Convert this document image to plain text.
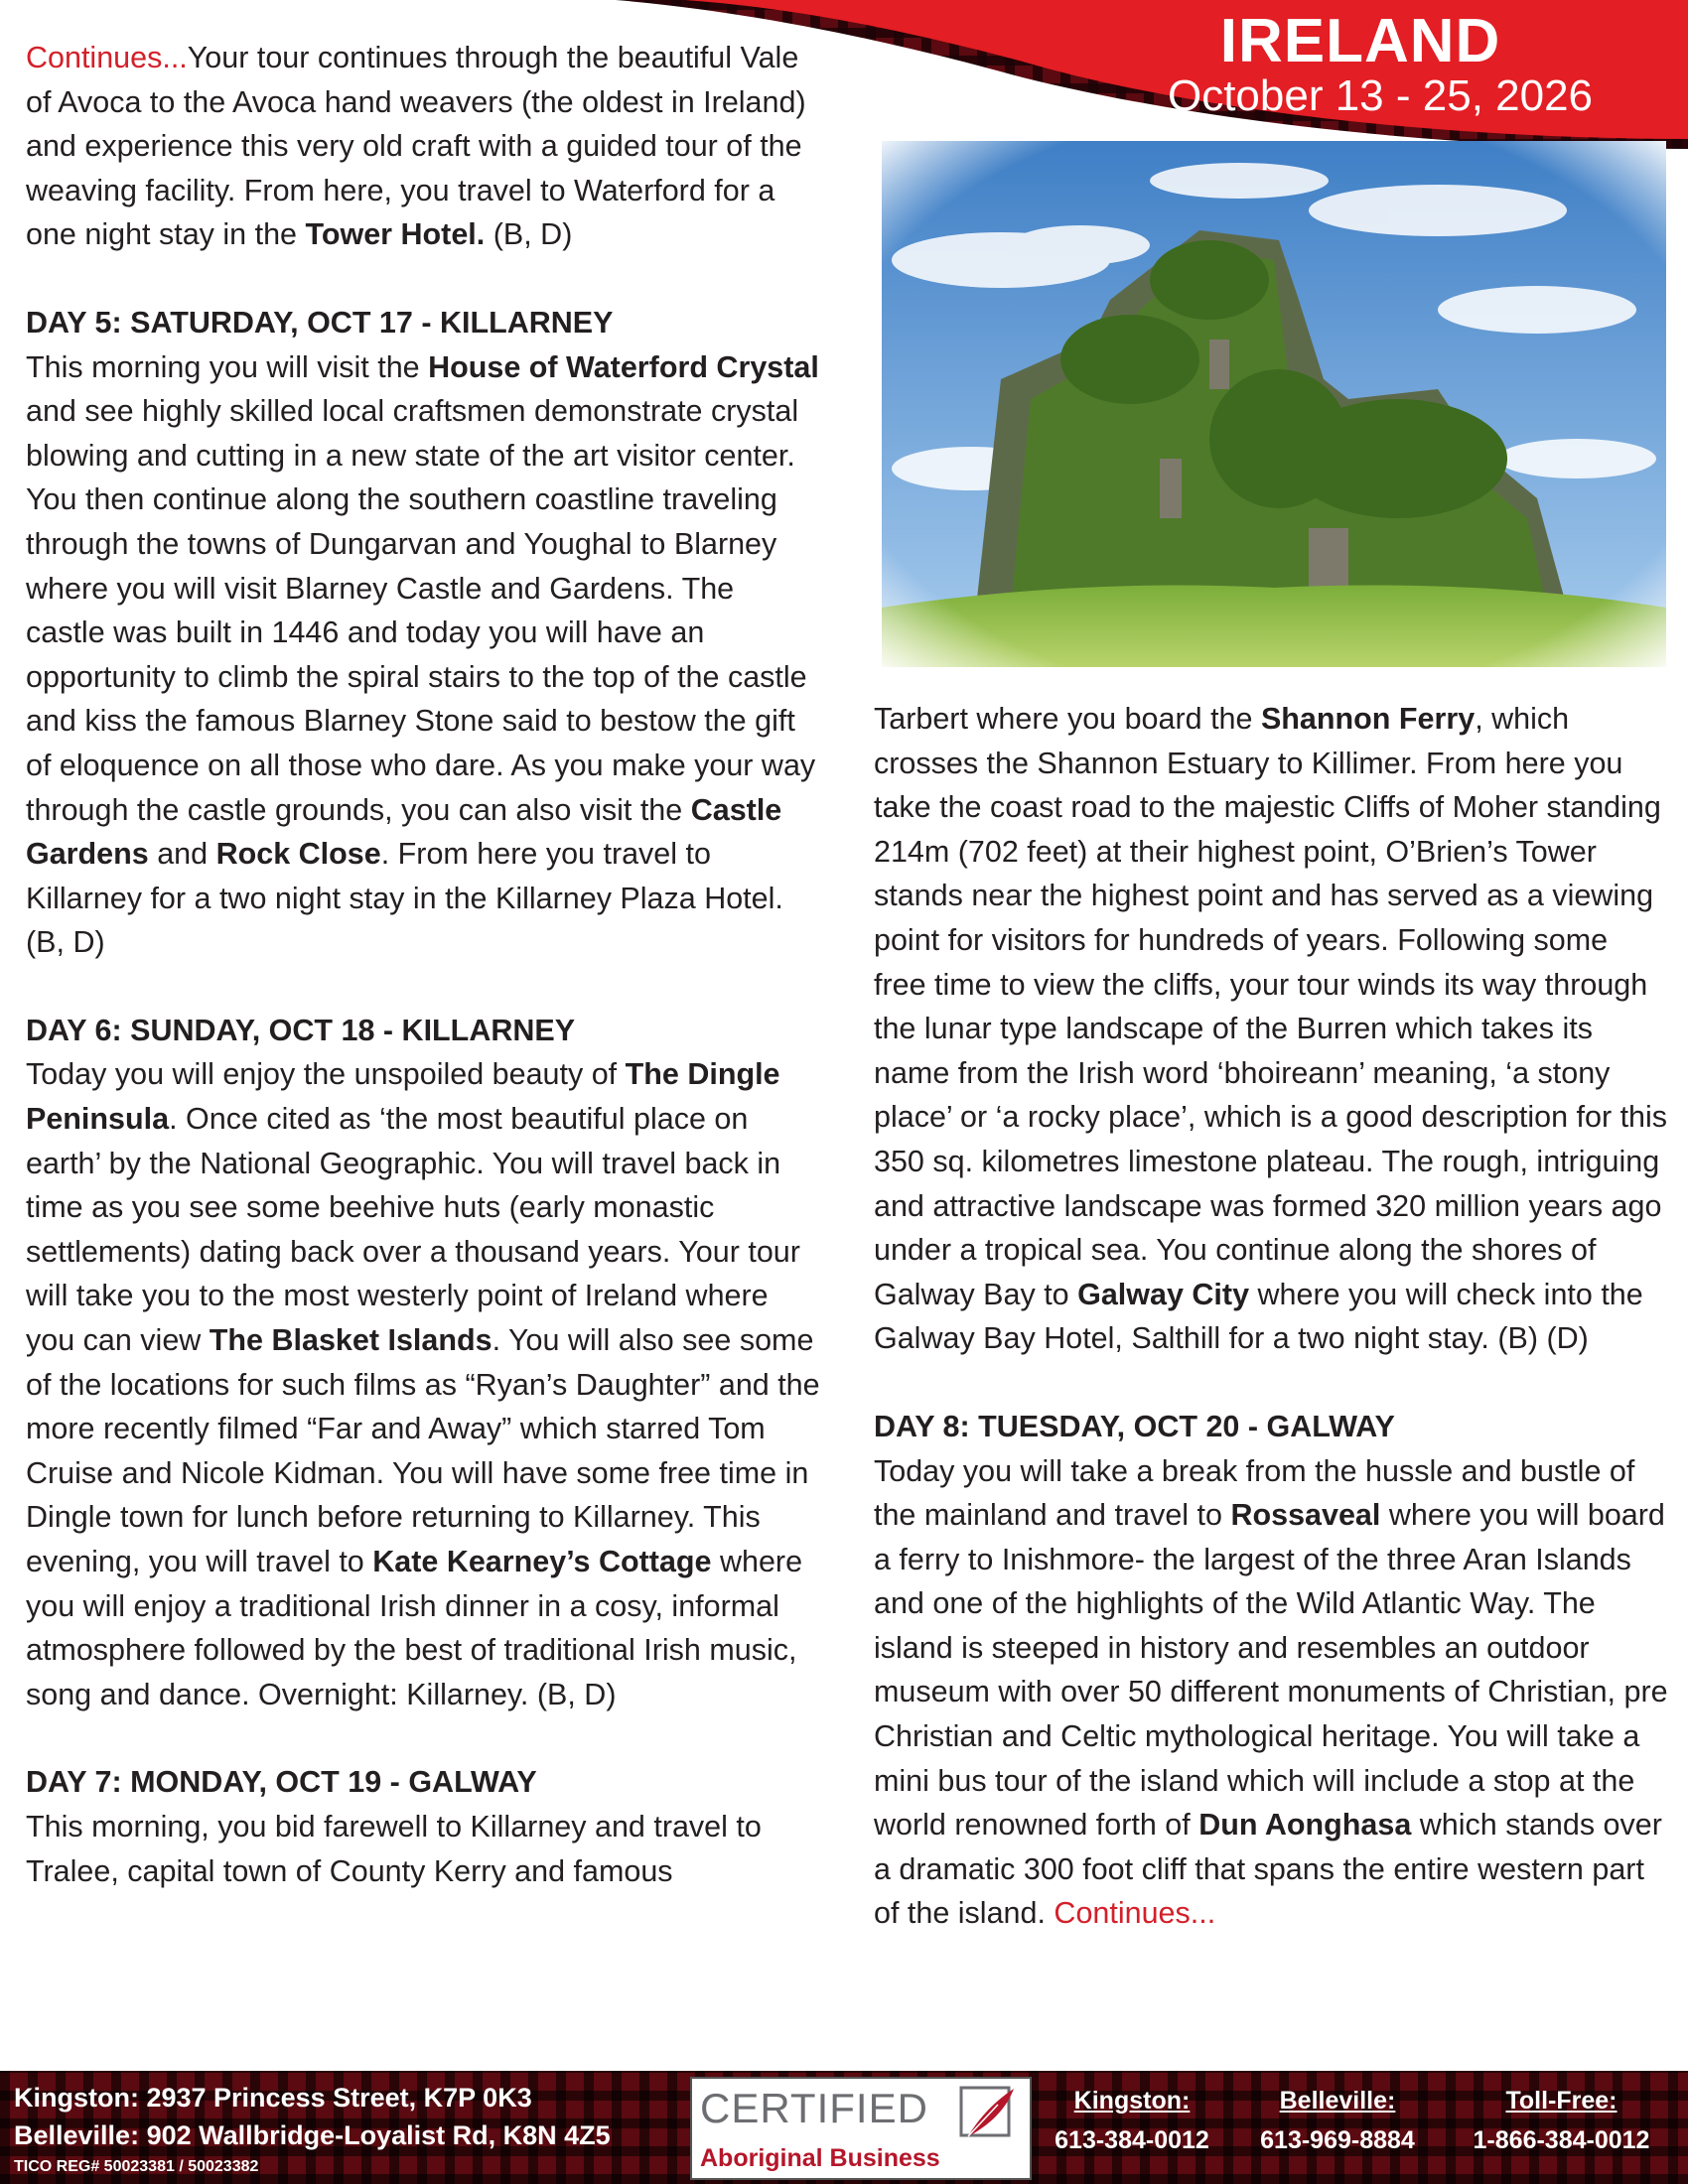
IRELAND
October 13 - 25, 2026

Continues...Your tour continues through the beautiful Vale of Avoca to the Avoca hand weavers (the oldest in Ireland) and experience this very old craft with a guided tour of the weaving facility. From here, you travel to Waterford for a one night stay in the Tower Hotel. (B, D)

DAY 5: SATURDAY, OCT 17 - KILLARNEY

This morning you will visit the House of Waterford Crystal and see highly skilled local craftsmen demonstrate crystal blowing and cutting in a new state of the art visitor center. You then continue along the southern coastline traveling through the towns of Dungarvan and Youghal to Blarney where you will visit Blarney Castle and Gardens. The castle was built in 1446 and today you will have an opportunity to climb the spiral stairs to the top of the castle and kiss the famous Blarney Stone said to bestow the gift of eloquence on all those who dare. As you make your way through the castle grounds, you can also visit the Castle Gardens and Rock Close. From here you travel to Killarney for a two night stay in the Killarney Plaza Hotel. (B, D)

DAY 6: SUNDAY, OCT 18 - KILLARNEY

Today you will enjoy the unspoiled beauty of The Dingle Peninsula. Once cited as ‘the most beautiful place on earth’ by the National Geographic. You will travel back in time as you see some beehive huts (early monastic settlements) dating back over a thousand years. Your tour will take you to the most westerly point of Ireland where you can view The Blasket Islands. You will also see some of the locations for such films as “Ryan’s Daughter” and the more recently filmed “Far and Away” which starred Tom Cruise and Nicole Kidman. You will have some free time in Dingle town for lunch before returning to Killarney. This evening, you will travel to Kate Kearney’s Cottage where you will enjoy a traditional Irish dinner in a cosy, informal atmosphere followed by the best of traditional Irish music, song and dance. Overnight: Killarney. (B, D)

DAY 7: MONDAY, OCT 19 - GALWAY

This morning, you bid farewell to Killarney and travel to Tralee, capital town of County Kerry and famous

Tarbert where you board the Shannon Ferry, which crosses the Shannon Estuary to Killimer. From here you take the coast road to the majestic Cliffs of Moher standing 214m (702 feet) at their highest point, O’Brien’s Tower stands near the highest point and has served as a viewing point for visitors for hundreds of years. Following some free time to view the cliffs, your tour winds its way through the lunar type landscape of the Burren which takes its name from the Irish word ‘bhoireann’ meaning, ‘a stony place’ or ‘a rocky place’, which is a good description for this 350 sq. kilometres limestone plateau. The rough, intriguing and attractive landscape was formed 320 million years ago under a tropical sea. You continue along the shores of Galway Bay to Galway City where you will check into the Galway Bay Hotel, Salthill for a two night stay. (B) (D)

DAY 8: TUESDAY, OCT 20 - GALWAY

Today you will take a break from the hussle and bustle of the mainland and travel to Rossaveal where you will board a ferry to Inishmore- the largest of the three Aran Islands and one of the highlights of the Wild Atlantic Way. The island is steeped in history and resembles an outdoor museum with over 50 different monuments of Christian, pre Christian and Celtic mythological heritage. You will take a mini bus tour of the island which will include a stop at the world renowned forth of Dun Aonghasa which stands over a dramatic 300 foot cliff that spans the entire western part of the island. Continues...

Kingston: 2937 Princess Street, K7P 0K3
Belleville: 902 Wallbridge-Loyalist Rd, K8N 4Z5
TICO REG# 50023381 / 50023382
CERTIFIED
Aboriginal Business
Kingston:
613-384-0012
Belleville:
613-969-8884
Toll-Free:
1-866-384-0012
